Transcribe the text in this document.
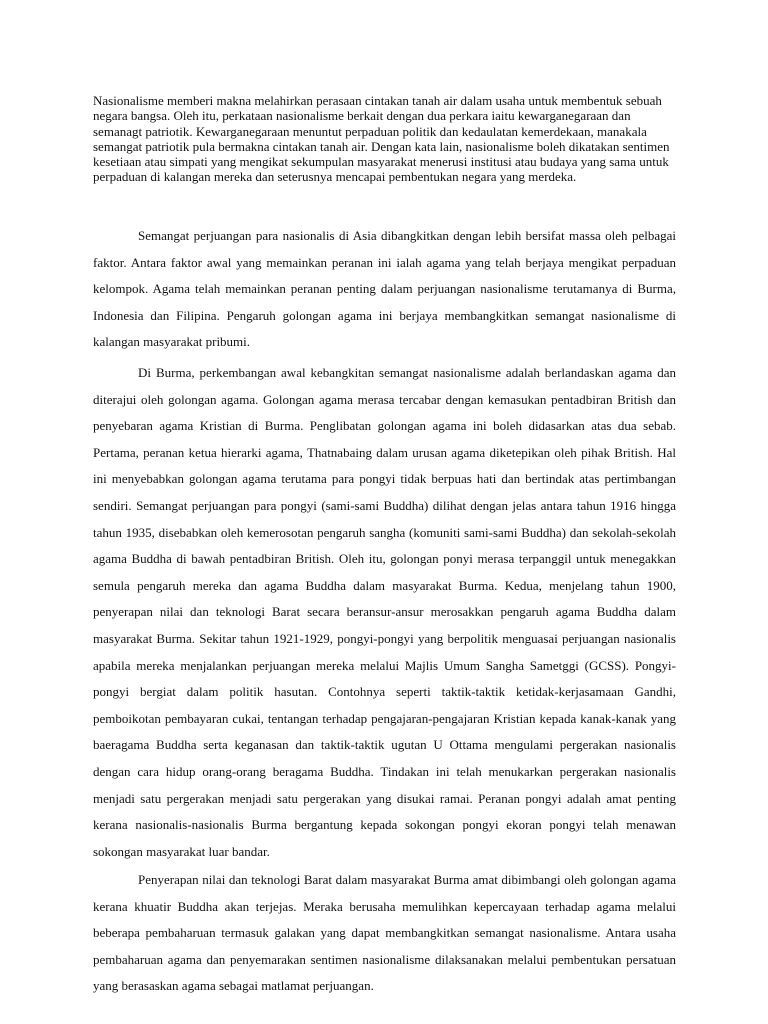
Nasionalisme memberi makna melahirkan perasaan cintakan tanah air dalam usaha untuk membentuk sebuah negara bangsa. Oleh itu, perkataan nasionalisme berkait dengan dua perkara iaitu kewarganegaraan dan semanagt patriotik. Kewarganegaraan menuntut perpaduan politik dan kedaulatan kemerdekaan, manakala semangat patriotik pula bermakna cintakan tanah air. Dengan kata lain, nasionalisme boleh dikatakan sentimen kesetiaan atau simpati yang mengikat sekumpulan masyarakat menerusi institusi atau budaya yang sama untuk perpaduan di kalangan mereka dan seterusnya mencapai pembentukan negara yang merdeka.

Semangat perjuangan para nasionalis di Asia dibangkitkan dengan lebih bersifat massa oleh pelbagai faktor. Antara faktor awal yang memainkan peranan ini ialah agama yang telah berjaya mengikat perpaduan kelompok. Agama telah memainkan peranan penting dalam perjuangan nasionalisme terutamanya di Burma, Indonesia dan Filipina. Pengaruh golongan agama ini berjaya membangkitkan semangat nasionalisme di kalangan masyarakat pribumi.

Di Burma, perkembangan awal kebangkitan semangat nasionalisme adalah berlandaskan agama dan diterajui oleh golongan agama. Golongan agama merasa tercabar dengan kemasukan pentadbiran British dan penyebaran agama Kristian di Burma. Penglibatan golongan agama ini boleh didasarkan atas dua sebab. Pertama, peranan ketua hierarki agama, Thatnabaing dalam urusan agama diketepikan oleh pihak British. Hal ini menyebabkan golongan agama terutama para pongyi tidak berpuas hati dan bertindak atas pertimbangan sendiri. Semangat perjuangan para pongyi (sami-sami Buddha) dilihat dengan jelas antara tahun 1916 hingga tahun 1935, disebabkan oleh kemerosotan pengaruh sangha (komuniti sami-sami Buddha) dan sekolah-sekolah agama Buddha di bawah pentadbiran British. Oleh itu, golongan ponyi merasa terpanggil untuk menegakkan semula pengaruh mereka dan agama Buddha dalam masyarakat Burma. Kedua, menjelang tahun 1900, penyerapan nilai dan teknologi Barat secara beransur-ansur merosakkan pengaruh agama Buddha dalam masyarakat Burma. Sekitar tahun 1921-1929, pongyi-pongyi yang berpolitik menguasai perjuangan nasionalis apabila mereka menjalankan perjuangan mereka melalui Majlis Umum Sangha Sametggi (GCSS). Pongyi-pongyi bergiat dalam politik hasutan. Contohnya seperti taktik-taktik ketidak-kerjasamaan Gandhi, pemboikotan pembayaran cukai, tentangan terhadap pengajaran-pengajaran Kristian kepada kanak-kanak yang baeragama Buddha serta keganasan dan taktik-taktik ugutan U Ottama mengulami pergerakan nasionalis dengan cara hidup orang-orang beragama Buddha. Tindakan ini telah menukarkan pergerakan nasionalis menjadi satu pergerakan menjadi satu pergerakan yang disukai ramai. Peranan pongyi adalah amat penting kerana nasionalis-nasionalis Burma bergantung kepada sokongan pongyi ekoran pongyi telah menawan sokongan masyarakat luar bandar.

Penyerapan nilai dan teknologi Barat dalam masyarakat Burma amat dibimbangi oleh golongan agama kerana khuatir Buddha akan terjejas. Meraka berusaha memulihkan kepercayaan terhadap agama melalui beberapa pembaharuan termasuk galakan yang dapat membangkitkan semangat nasionalisme. Antara usaha pembaharuan agama dan penyemarakan sentimen nasionalisme dilaksanakan melalui pembentukan persatuan yang berasaskan agama sebagai matlamat perjuangan.
